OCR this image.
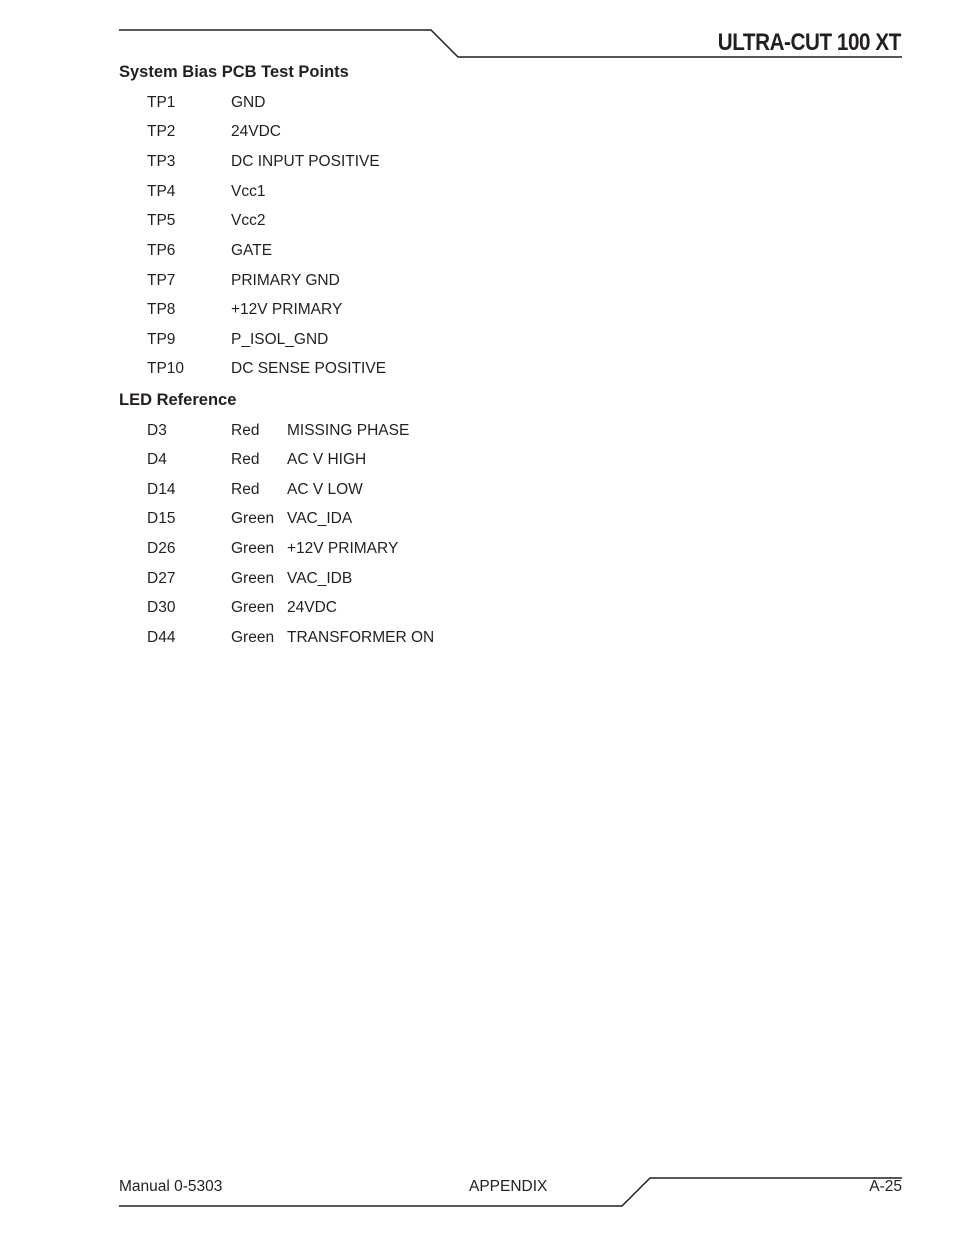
ULTRA-CUT 100 XT
System Bias PCB Test Points
TP1	GND
TP2	24VDC
TP3	DC INPUT POSITIVE
TP4	Vcc1
TP5	Vcc2
TP6	GATE
TP7	PRIMARY GND
TP8	+12V PRIMARY
TP9	P_ISOL_GND
TP10	DC SENSE POSITIVE
LED Reference
D3	Red MISSING PHASE
D4	Red AC V HIGH
D14	Red AC V LOW
D15	Green VAC_IDA
D26	Green +12V PRIMARY
D27	Green VAC_IDB
D30	Green 24VDC
D44	Green TRANSFORMER ON
Manual 0-5303	APPENDIX	A-25
